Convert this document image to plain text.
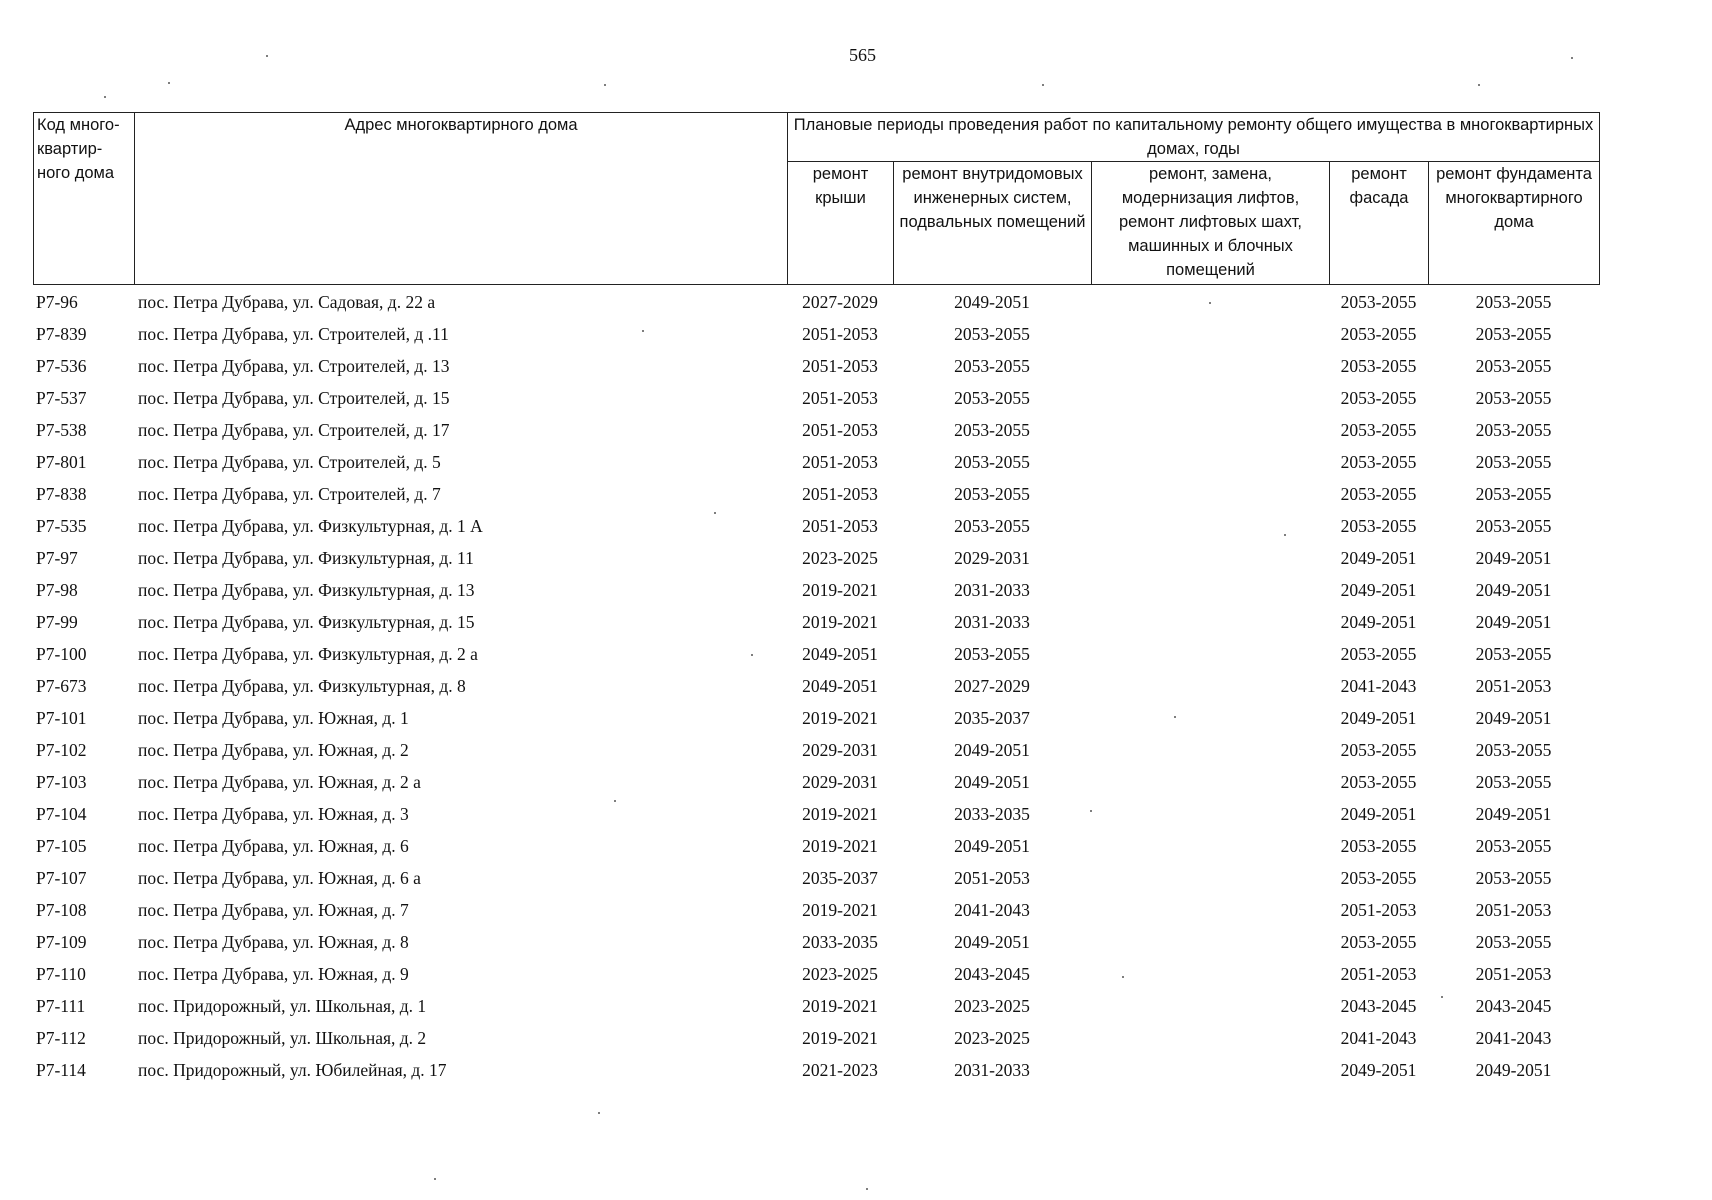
565
Код много-квартир-ного дома	Адрес многоквартирного дома	Плановые периоды проведения работ по капитальному ремонту общего имущества в многоквартирных домах, годы				
		ремонт крыши	ремонт внутридомовых инженерных систем, подвальных помещений	ремонт, замена, модернизация лифтов, ремонт лифтовых шахт, машинных и блочных помещений	ремонт фасада	ремонт фундамента многоквартирного дома
Р7-96	пос. Петра Дубрава, ул. Садовая, д. 22 а	2027-2029	2049-2051		2053-2055	2053-2055
Р7-839	пос. Петра Дубрава, ул. Строителей, д .11	2051-2053	2053-2055		2053-2055	2053-2055
Р7-536	пос. Петра Дубрава, ул. Строителей, д. 13	2051-2053	2053-2055		2053-2055	2053-2055
Р7-537	пос. Петра Дубрава, ул. Строителей, д. 15	2051-2053	2053-2055		2053-2055	2053-2055
Р7-538	пос. Петра Дубрава, ул. Строителей, д. 17	2051-2053	2053-2055		2053-2055	2053-2055
Р7-801	пос. Петра Дубрава, ул. Строителей, д. 5	2051-2053	2053-2055		2053-2055	2053-2055
Р7-838	пос. Петра Дубрава, ул. Строителей, д. 7	2051-2053	2053-2055		2053-2055	2053-2055
Р7-535	пос. Петра Дубрава, ул. Физкультурная, д. 1 А	2051-2053	2053-2055		2053-2055	2053-2055
Р7-97	пос. Петра Дубрава, ул. Физкультурная, д. 11	2023-2025	2029-2031		2049-2051	2049-2051
Р7-98	пос. Петра Дубрава, ул. Физкультурная, д. 13	2019-2021	2031-2033		2049-2051	2049-2051
Р7-99	пос. Петра Дубрава, ул. Физкультурная, д. 15	2019-2021	2031-2033		2049-2051	2049-2051
Р7-100	пос. Петра Дубрава, ул. Физкультурная, д. 2 а	2049-2051	2053-2055		2053-2055	2053-2055
Р7-673	пос. Петра Дубрава, ул. Физкультурная, д. 8	2049-2051	2027-2029		2041-2043	2051-2053
Р7-101	пос. Петра Дубрава, ул. Южная, д. 1	2019-2021	2035-2037		2049-2051	2049-2051
Р7-102	пос. Петра Дубрава, ул. Южная, д. 2	2029-2031	2049-2051		2053-2055	2053-2055
Р7-103	пос. Петра Дубрава, ул. Южная, д. 2 а	2029-2031	2049-2051		2053-2055	2053-2055
Р7-104	пос. Петра Дубрава, ул. Южная, д. 3	2019-2021	2033-2035		2049-2051	2049-2051
Р7-105	пос. Петра Дубрава, ул. Южная, д. 6	2019-2021	2049-2051		2053-2055	2053-2055
Р7-107	пос. Петра Дубрава, ул. Южная, д. 6 а	2035-2037	2051-2053		2053-2055	2053-2055
Р7-108	пос. Петра Дубрава, ул. Южная, д. 7	2019-2021	2041-2043		2051-2053	2051-2053
Р7-109	пос. Петра Дубрава, ул. Южная, д. 8	2033-2035	2049-2051		2053-2055	2053-2055
Р7-110	пос. Петра Дубрава, ул. Южная, д. 9	2023-2025	2043-2045		2051-2053	2051-2053
Р7-111	пос. Придорожный, ул. Школьная, д. 1	2019-2021	2023-2025		2043-2045	2043-2045
Р7-112	пос. Придорожный, ул. Школьная, д. 2	2019-2021	2023-2025		2041-2043	2041-2043
Р7-114	пос. Придорожный, ул. Юбилейная, д. 17	2021-2023	2031-2033		2049-2051	2049-2051
